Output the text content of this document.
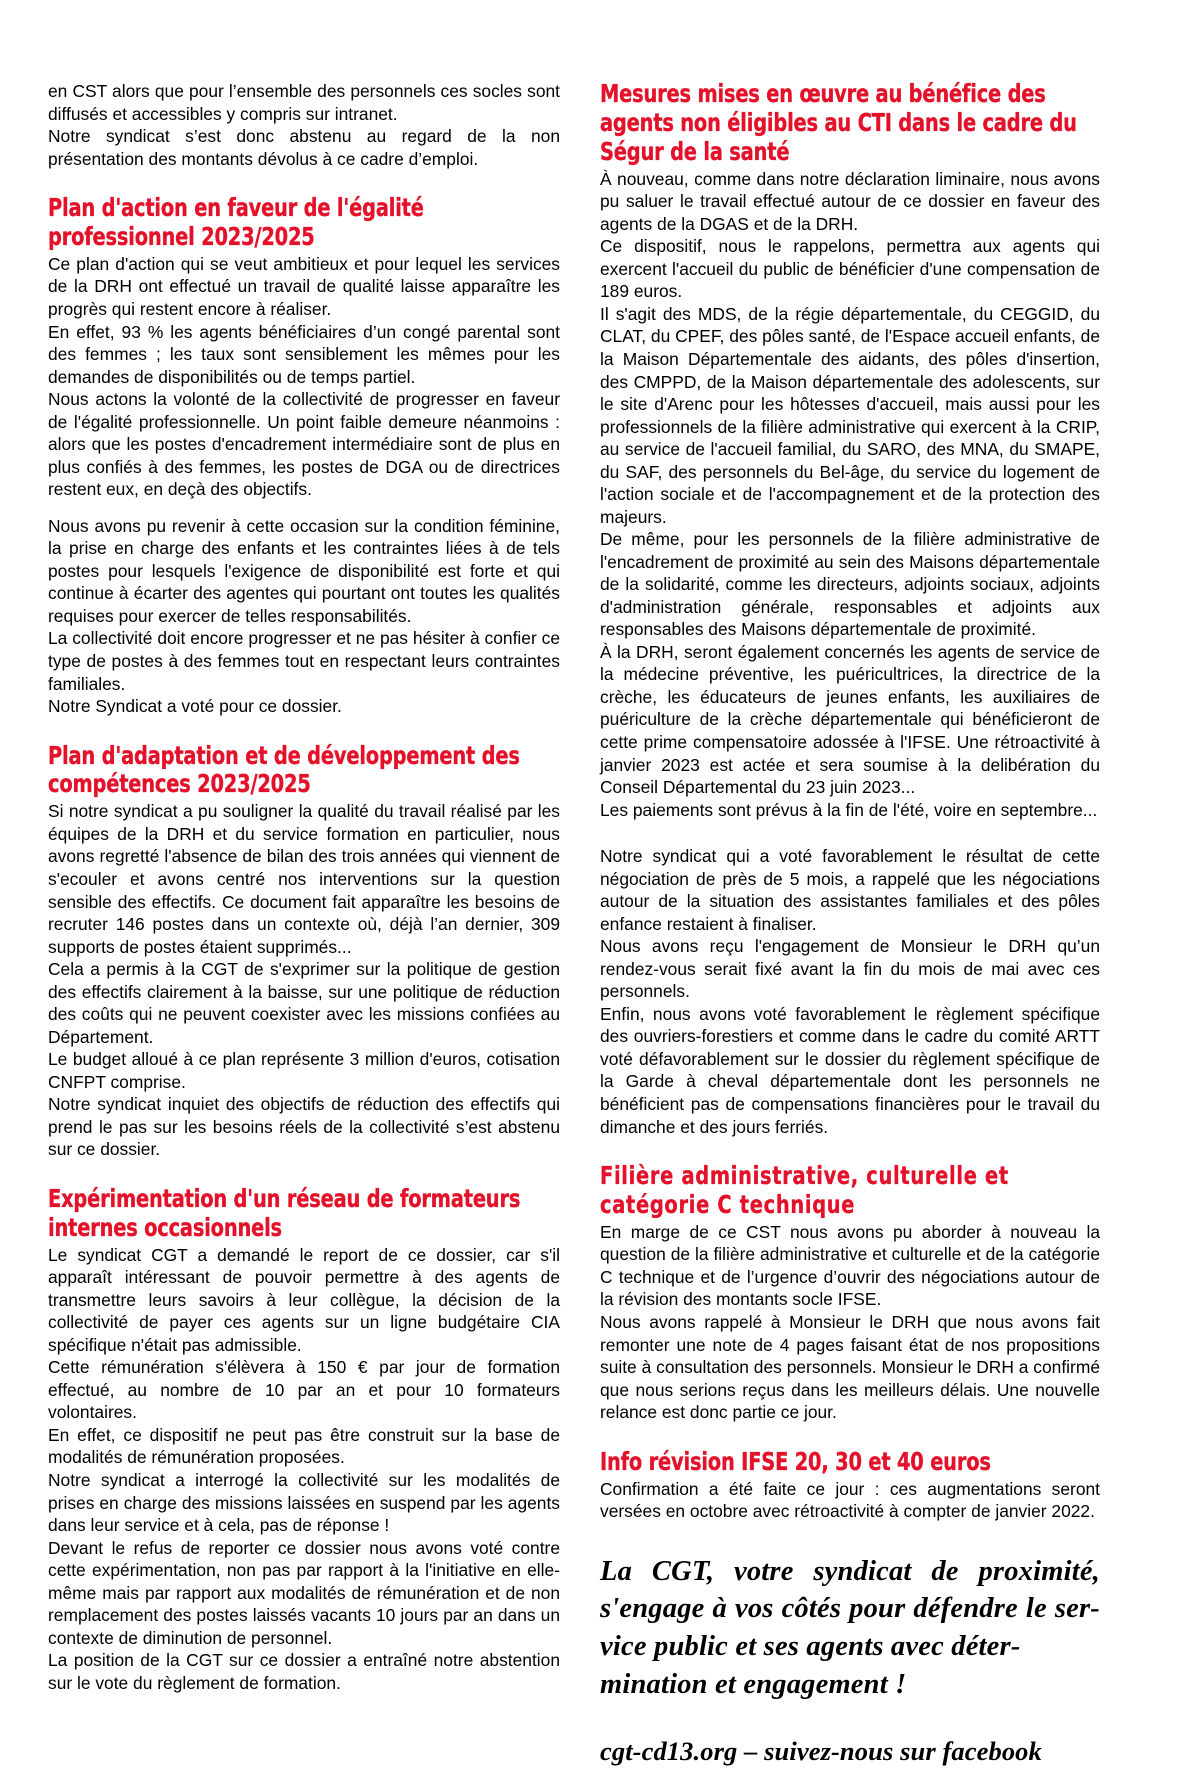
en CST alors que pour l’ensemble des personnels ces socles sont diffusés et accessibles y compris sur intranet.
Notre syndicat s’est donc abstenu au regard de la non présentation des montants dévolus à ce cadre d’emploi.

Plan d'action en faveur de l'égalité professionnel 2023/2025

Ce plan d'action qui se veut ambitieux et pour lequel les services de la DRH ont effectué un travail de qualité laisse apparaître les progrès qui restent encore à réaliser.
En effet, 93 % les agents bénéficiaires d’un congé parental sont des femmes ; les taux sont sensiblement les mêmes pour les demandes de disponibilités ou de temps partiel.
Nous actons la volonté de la collectivité de progresser en faveur de l'égalité professionnelle. Un point faible demeure néanmoins : alors que les postes d'encadrement intermédiaire sont de plus en plus confiés à des femmes, les postes de DGA ou de directrices restent eux, en deçà des objectifs.

Nous avons pu revenir à cette occasion sur la condition féminine, la prise en charge des enfants et les contraintes liées à de tels postes pour lesquels l'exigence de disponibilité est forte et qui continue à écarter des agentes qui pourtant ont toutes les qualités requises pour exercer de telles responsabilités.
La collectivité doit encore progresser et ne pas hésiter à confier ce type de postes à des femmes tout en respectant leurs contraintes familiales.
Notre Syndicat a voté pour ce dossier.

Plan d'adaptation et de développement des compétences 2023/2025

Si notre syndicat a pu souligner la qualité du travail réalisé par les équipes de la DRH et du service formation en particulier, nous avons regretté l'absence de bilan des trois années qui viennent de s'ecouler et avons centré nos interventions sur la question sensible des effectifs. Ce document fait apparaître les besoins de recruter 146 postes dans un contexte où, déjà l’an dernier, 309 supports de postes étaient supprimés...
Cela a permis à la CGT de s'exprimer sur la politique de gestion des effectifs clairement à la baisse, sur une politique de réduction des coûts qui ne peuvent coexister avec les missions confiées au Département.
Le budget alloué à ce plan représente 3 million d'euros, cotisation CNFPT comprise.
Notre syndicat inquiet des objectifs de réduction des effectifs qui prend le pas sur les besoins réels de la collectivité s’est abstenu sur ce dossier.

Expérimentation d'un réseau de formateurs internes occasionnels

Le syndicat CGT a demandé le report de ce dossier, car s'il apparaît intéressant de pouvoir permettre à des agents de transmettre leurs savoirs à leur collègue, la décision de la collectivité de payer ces agents sur un ligne budgétaire CIA spécifique n'était pas admissible.
Cette rémunération s'élèvera à 150 € par jour de formation effectué, au nombre de 10 par an et pour 10 formateurs volontaires.
En effet, ce dispositif ne peut pas être construit sur la base de modalités de rémunération proposées.
Notre syndicat a interrogé la collectivité sur les modalités de prises en charge des missions laissées en suspend par les agents dans leur service et à cela, pas de réponse !
Devant le refus de reporter ce dossier nous avons voté contre cette expérimentation, non pas par rapport à la l'initiative en elle-même mais par rapport aux modalités de rémunération et de non remplacement des postes laissés vacants 10 jours par an dans un contexte de diminution de personnel.
La position de la CGT sur ce dossier a entraîné notre abstention sur le vote du règlement de formation.

Mesures mises en œuvre au bénéfice des agents non éligibles au CTI dans le cadre du Ségur de la santé

À nouveau, comme dans notre déclaration liminaire, nous avons pu saluer le travail effectué autour de ce dossier en faveur des agents de la DGAS et de la DRH.
Ce dispositif, nous le rappelons, permettra aux agents qui exercent l'accueil du public de bénéficier d'une compensation de 189 euros.
Il s'agit des MDS, de la régie départementale, du CEGGID, du CLAT, du CPEF, des pôles santé, de l'Espace accueil enfants, de la Maison Départementale des aidants, des pôles d'insertion, des CMPPD, de la Maison départementale des adolescents, sur le site d'Arenc pour les hôtesses d'accueil, mais aussi pour les professionnels de la filière administrative qui exercent à la CRIP, au service de l'accueil familial, du SARO, des MNA, du SMAPE, du SAF, des personnels du Bel-âge, du service du logement de l'action sociale et de l'accompagnement et de la protection des majeurs.
De même, pour les personnels de la filière administrative de l'encadrement de proximité au sein des Maisons départementale de la solidarité, comme les directeurs, adjoints sociaux, adjoints d'administration générale, responsables et adjoints aux responsables des Maisons départementale de proximité.
À la DRH, seront également concernés les agents de service de la médecine préventive, les puéricultrices, la directrice de la crèche, les éducateurs de jeunes enfants, les auxiliaires de puériculture de la crèche départementale qui bénéficieront de cette prime compensatoire adossée à l'IFSE. Une rétroactivité à janvier 2023 est actée et sera soumise à la delibération du Conseil Départemental du 23 juin 2023...
Les paiements sont prévus à la fin de l'été, voire en septembre...

Notre syndicat qui a voté favorablement le résultat de cette négociation de près de 5 mois, a rappelé que les négociations autour de la situation des assistantes familiales et des pôles enfance restaient à finaliser.
Nous avons reçu l'engagement de Monsieur le DRH qu’un rendez-vous serait fixé avant la fin du mois de mai avec ces personnels.
Enfin, nous avons voté favorablement le règlement spécifique des ouvriers-forestiers et comme dans le cadre du comité ARTT voté défavorablement sur le dossier du règlement spécifique de la Garde à cheval départementale dont les personnels ne bénéficient pas de compensations financières pour le travail du dimanche et des jours ferriés.

Filière administrative, culturelle et catégorie C technique

En marge de ce CST nous avons pu aborder à nouveau la question de la filière administrative et culturelle et de la catégorie C technique et de l’urgence d’ouvrir des négociations autour de la révision des montants socle IFSE.
Nous avons rappelé à Monsieur le DRH que nous avons fait remonter une note de 4 pages faisant état de nos propositions suite à consultation des personnels. Monsieur le DRH a confirmé que nous serions reçus dans les meilleurs délais. Une nouvelle relance est donc partie ce jour.

Info révision IFSE 20, 30 et 40 euros

Confirmation a été faite ce jour : ces augmentations seront versées en octobre avec rétroactivité à compter de janvier 2022.

La CGT, votre syndicat de proximité, s'engage à vos côtés pour défendre le ser-vice public et ses agents avec déter-

mination et engagement !

cgt-cd13.org – suivez-nous sur facebook
